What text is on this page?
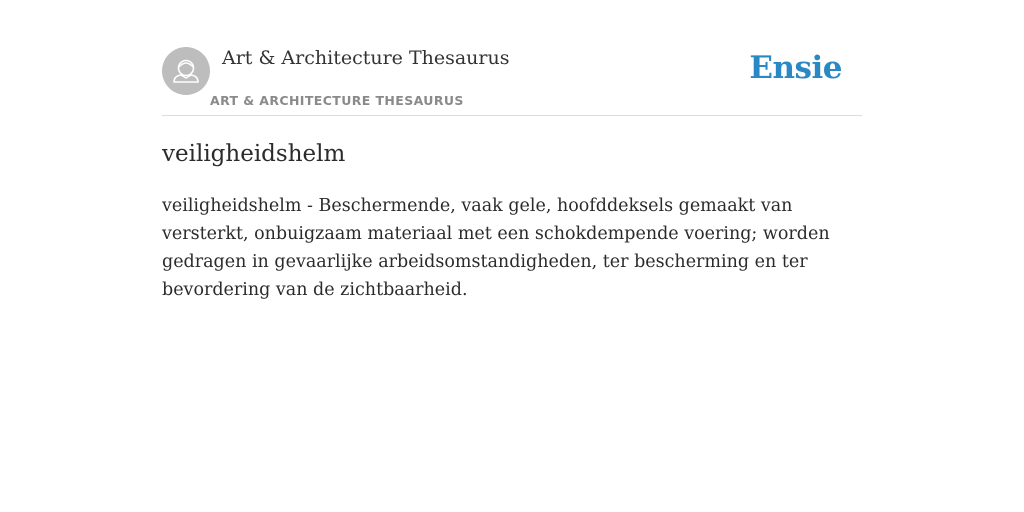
Art & Architecture Thesaurus
ART & ARCHITECTURE THESAURUS
Ensie
veiligheidshelm

veiligheidshelm - Beschermende, vaak gele, hoofddeksels gemaakt van versterkt, onbuigzaam materiaal met een schokdempende voering; worden gedragen in gevaarlijke arbeidsomstandigheden, ter bescherming en ter bevordering van de zichtbaarheid.
